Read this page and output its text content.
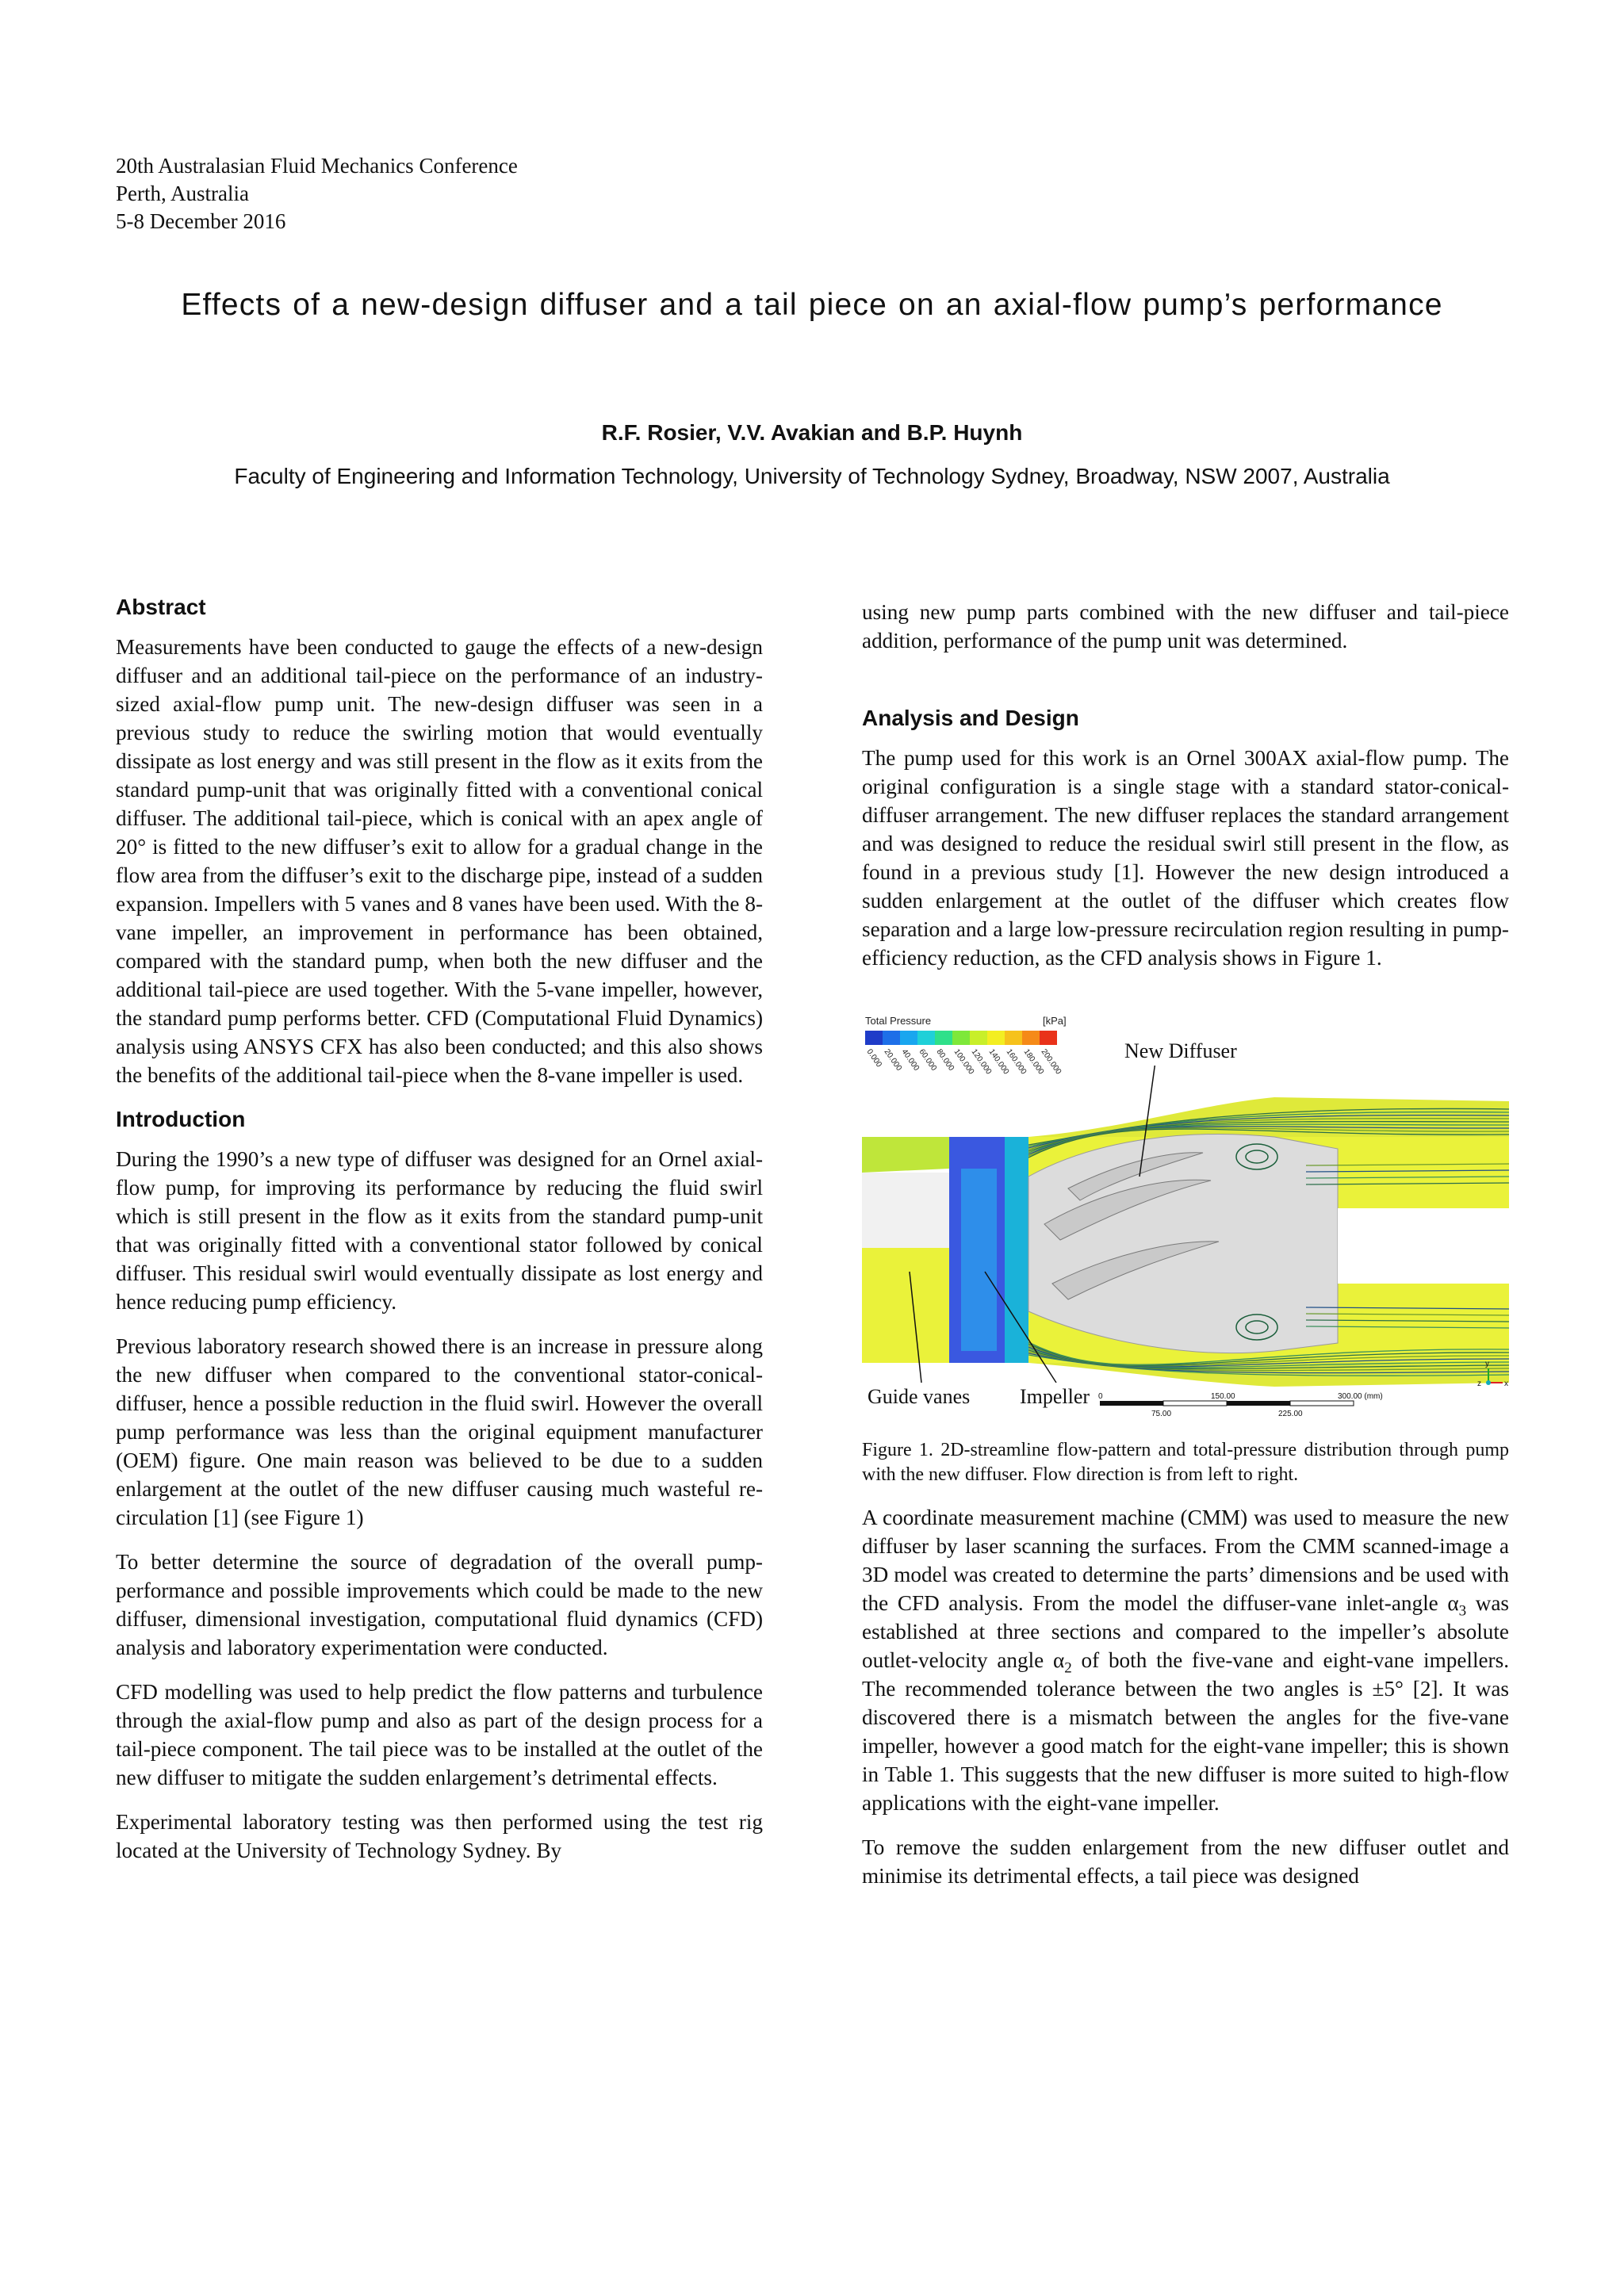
20th Australasian Fluid Mechanics Conference
Perth, Australia
5-8 December 2016
Effects of a new-design diffuser and a tail piece on an axial-flow pump’s performance
R.F. Rosier, V.V. Avakian and B.P. Huynh
Faculty of Engineering and Information Technology, University of Technology Sydney, Broadway, NSW 2007, Australia
Abstract

Measurements have been conducted to gauge the effects of a new-design diffuser and an additional tail-piece on the performance of an industry-sized axial-flow pump unit. The new-design diffuser was seen in a previous study to reduce the swirling motion that would eventually dissipate as lost energy and was still present in the flow as it exits from the standard pump-unit that was originally fitted with a conventional conical diffuser. The additional tail-piece, which is conical with an apex angle of 20° is fitted to the new diffuser’s exit to allow for a gradual change in the flow area from the diffuser’s exit to the discharge pipe, instead of a sudden expansion. Impellers with 5 vanes and 8 vanes have been used. With the 8-vane impeller, an improvement in performance has been obtained, compared with the standard pump, when both the new diffuser and the additional tail-piece are used together. With the 5-vane impeller, however, the standard pump performs better. CFD (Computational Fluid Dynamics) analysis using ANSYS CFX has also been conducted; and this also shows the benefits of the additional tail-piece when the 8-vane impeller is used.

Introduction

During the 1990’s a new type of diffuser was designed for an Ornel axial-flow pump, for improving its performance by reducing the fluid swirl which is still present in the flow as it exits from the standard pump-unit that was originally fitted with a conventional stator followed by conical diffuser. This residual swirl would eventually dissipate as lost energy and hence reducing pump efficiency.

Previous laboratory research showed there is an increase in pressure along the new diffuser when compared to the conventional stator-conical-diffuser, hence a possible reduction in the fluid swirl. However the overall pump performance was less than the original equipment manufacturer (OEM) figure. One main reason was believed to be due to a sudden enlargement at the outlet of the new diffuser causing much wasteful re-circulation [1] (see Figure 1)

To better determine the source of degradation of the overall pump-performance and possible improvements which could be made to the new diffuser, dimensional investigation, computational fluid dynamics (CFD) analysis and laboratory experimentation were conducted.

CFD modelling was used to help predict the flow patterns and turbulence through the axial-flow pump and also as part of the design process for a tail-piece component. The tail piece was to be installed at the outlet of the new diffuser to mitigate the sudden enlargement’s detrimental effects.

Experimental laboratory testing was then performed using the test rig located at the University of Technology Sydney. By

using new pump parts combined with the new diffuser and tail-piece addition, performance of the pump unit was determined.

Analysis and Design

The pump used for this work is an Ornel 300AX axial-flow pump. The original configuration is a single stage with a standard stator-conical-diffuser arrangement. The new diffuser replaces the standard arrangement and was designed to reduce the residual swirl still present in the flow, as found in a previous study [1]. However the new design introduced a sudden enlargement at the outlet of the diffuser which creates flow separation and a large low-pressure recirculation region resulting in pump-efficiency reduction, as the CFD analysis shows in Figure 1.

Total Pressure	[kPa]
0.000
20.000
40.000
60.000
80.000
100.000
120.000
140.000
160.000
180.000
200.000
0	150.00	300.00 (mm)
75.00	225.00
x
y
z
New Diffuser
Guide vanes Impeller

Figure 1. 2D-streamline flow-pattern and total-pressure distribution through pump with the new diffuser. Flow direction is from left to right.

A coordinate measurement machine (CMM) was used to measure the new diffuser by laser scanning the surfaces. From the CMM scanned-image a 3D model was created to determine the parts’ dimensions and be used with the CFD analysis. From the model the diffuser-vane inlet-angle $\alpha_3$ was established at three sections and compared to the impeller’s absolute outlet-velocity angle $\alpha_2$ of both the five-vane and eight-vane impellers. The recommended tolerance between the two angles is ±5° [2]. It was discovered there is a mismatch between the angles for the five-vane impeller, however a good match for the eight-vane impeller; this is shown in Table 1. This suggests that the new diffuser is more suited to high-flow applications with the eight-vane impeller.

To remove the sudden enlargement from the new diffuser outlet and minimise its detrimental effects, a tail piece was designed
